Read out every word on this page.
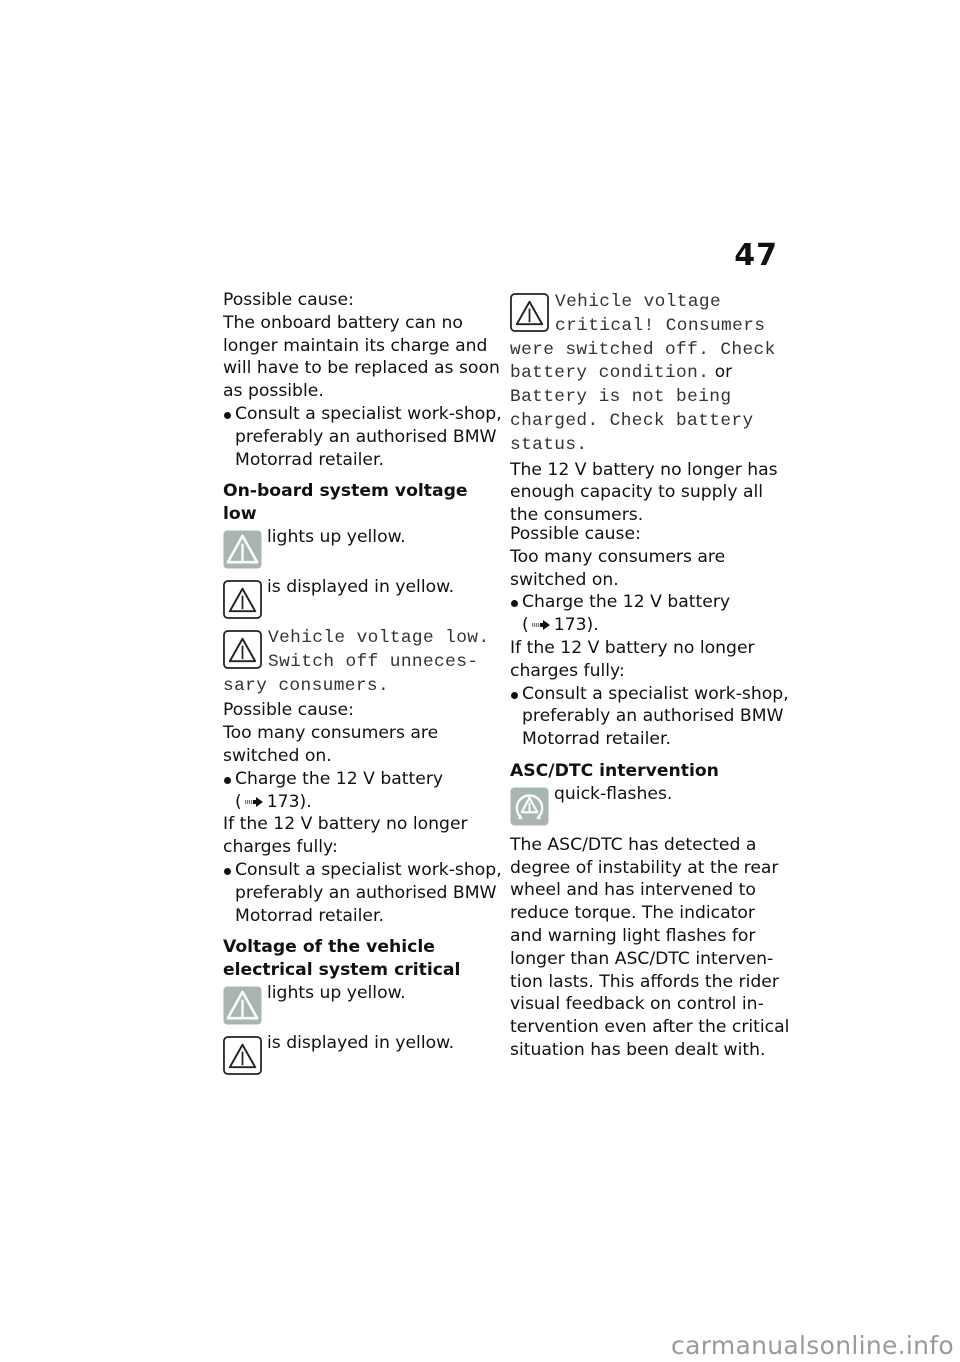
47

Possible cause:

The onboard battery can no longer maintain its charge and will have to be replaced as soon as possible.

Consult a specialist work-shop, preferably an authorised BMW Motorrad retailer.

On-board system voltage low

lights up yellow.
is displayed in yellow.
Vehicle voltage low. Switch off unneces-sary consumers.

Possible cause:

Too many consumers are switched on.

Charge the 12 V battery
( 173).

If the 12 V battery no longer charges fully:

Consult a specialist work-shop, preferably an authorised BMW Motorrad retailer.

Voltage of the vehicle electrical system critical

lights up yellow.
is displayed in yellow.
Vehicle voltage critical! Consumers were switched off. Check battery condition. or Battery is not being charged. Check battery status.

The 12 V battery no longer has enough capacity to supply all the consumers.

Possible cause:

Too many consumers are switched on.

Charge the 12 V battery
( 173).

If the 12 V battery no longer charges fully:

Consult a specialist work-shop, preferably an authorised BMW Motorrad retailer.

ASC/DTC intervention

quick-flashes.

The ASC/DTC has detected a degree of instability at the rear wheel and has intervened to reduce torque. The indicator and warning light flashes for longer than ASC/DTC interven-tion lasts. This affords the rider visual feedback on control in-tervention even after the critical situation has been dealt with.

carmanualsonline.info
